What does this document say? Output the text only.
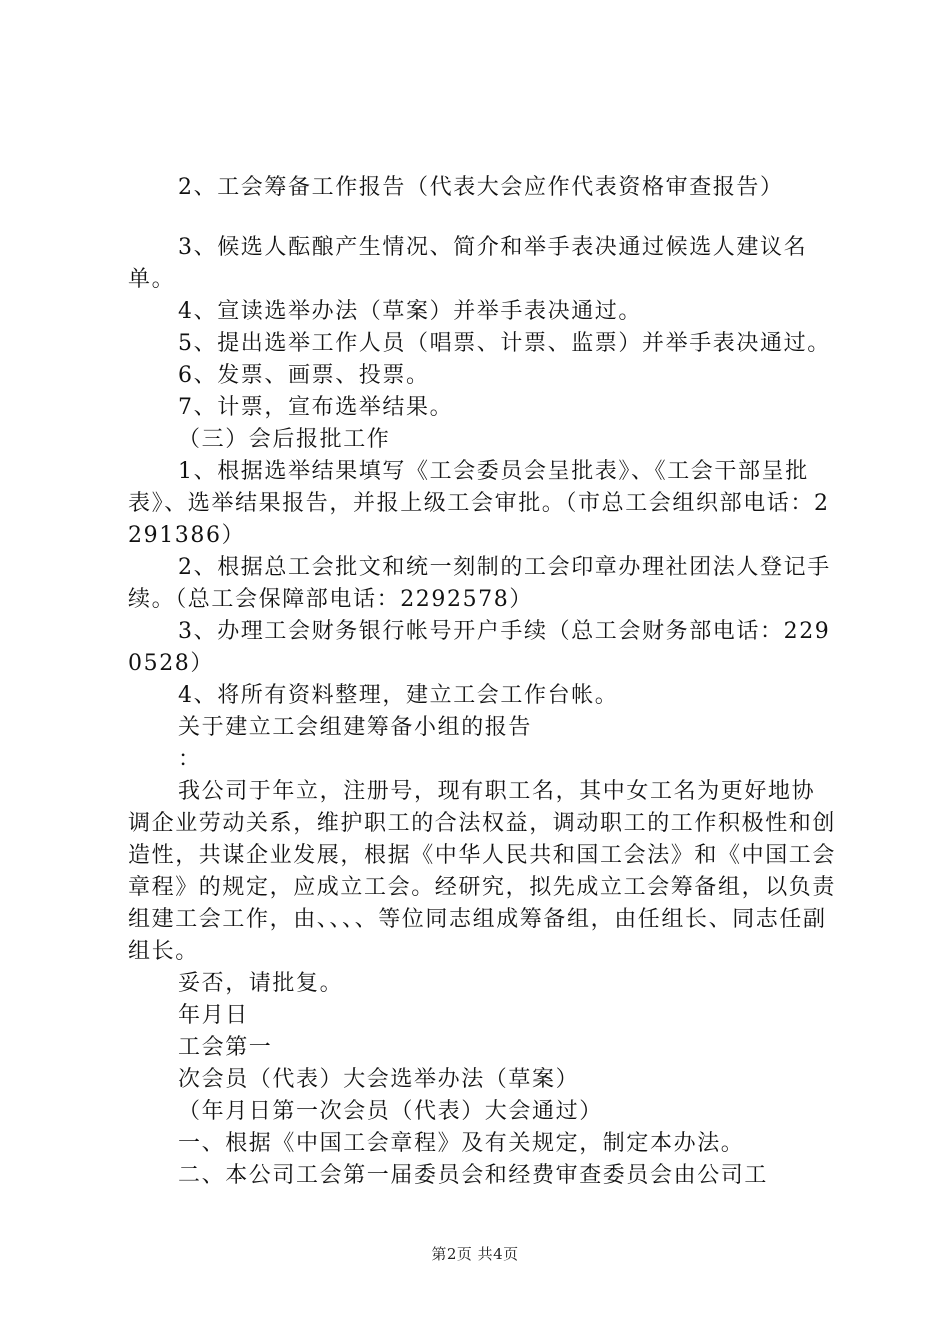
2、工会筹备工作报告（代表大会应作代表资格审查报告）

3、候选人酝酿产生情况、简介和举手表决通过候选人建议名单。

4、宣读选举办法（草案）并举手表决通过。

5、提出选举工作人员（唱票、计票、监票）并举手表决通过。

6、发票、画票、投票。

7、计票，宣布选举结果。

（三）会后报批工作

1、根据选举结果填写《工会委员会呈批表》、《工会干部呈批表》、选举结果报告，并报上级工会审批。（市总工会组织部电话：2291386）

2、根据总工会批文和统一刻制的工会印章办理社团法人登记手续。（总工会保障部电话：2292578）

3、办理工会财务银行帐号开户手续（总工会财务部电话：2290528）

4、将所有资料整理，建立工会工作台帐。

关于建立工会组建筹备小组的报告

：

我公司于年立，注册号，现有职工名，其中女工名为更好地协调企业劳动关系，维护职工的合法权益，调动职工的工作积极性和创造性，共谋企业发展，根据《中华人民共和国工会法》和《中国工会章程》的规定，应成立工会。经研究，拟先成立工会筹备组，以负责组建工会工作，由、、、、等位同志组成筹备组，由任组长、同志任副组长。

妥否，请批复。

年月日

工会第一

次会员（代表）大会选举办法（草案）

（年月日第一次会员（代表）大会通过）

一、根据《中国工会章程》及有关规定，制定本办法。

二、本公司工会第一届委员会和经费审查委员会由公司工

第2页 共4页
